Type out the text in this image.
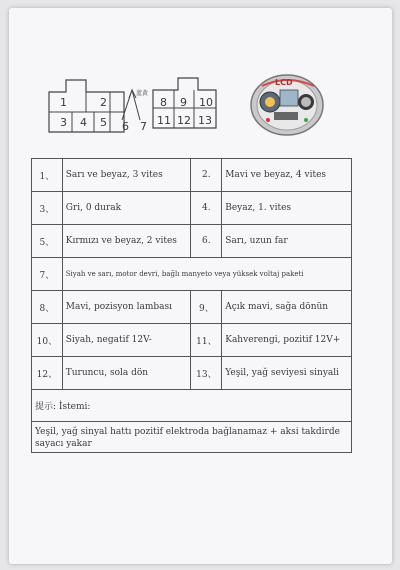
1	2
3 4 5 6 7
蓝黄
8 9 10
11 12 13
LCD
1、	Sarı ve beyaz, 3 vites	2.	Mavi ve beyaz, 4 vites
3、	Gri, 0 durak	4.	Beyaz, 1. vites
5、	Kırmızı ve beyaz, 2 vites	6.	Sarı, uzun far
7、	Siyah ve sarı, motor devri, bağlı manyeto veya yüksek voltaj paketi		
8、	Mavi, pozisyon lambası	9、	Açık mavi, sağa dönün
10、	Siyah, negatif 12V-	11、	Kahverengi, pozitif 12V+
12、	Turuncu, sola dön	13、	Yeşil, yağ seviyesi sinyali
提示: İstemi:			
Yeşil, yağ sinyal hattı pozitif elektroda bağlanamaz + aksi takdirde sayacı yakar			
